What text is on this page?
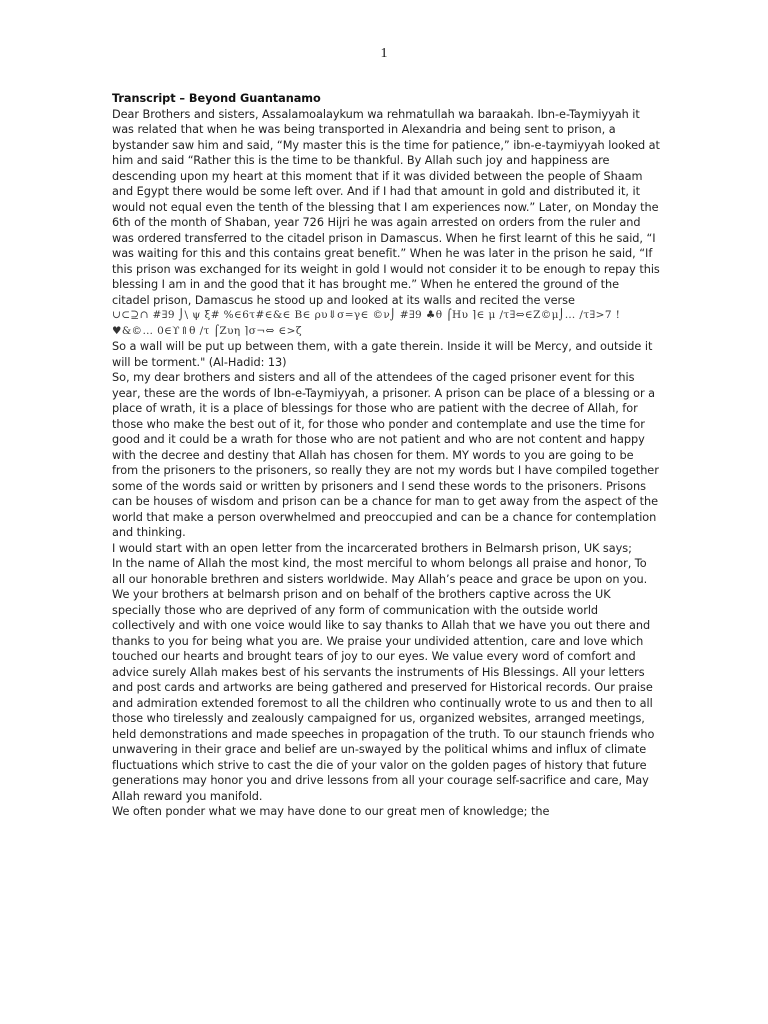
1

Transcript – Beyond Guantanamo

Dear Brothers and sisters, Assalamoalaykum wa rehmatullah wa baraakah. Ibn-e-Taymiyyah it was related that when he was being transported in Alexandria and being sent to prison, a bystander saw him and said, “My master this is the time for patience,” ibn-e-taymiyyah looked at him and said “Rather this is the time to be thankful. By Allah such joy and happiness are descending upon my heart at this moment that if it was divided between the people of Shaam and Egypt there would be some left over. And if I had that amount in gold and distributed it, it would not equal even the tenth of the blessing that I am experiences now.” Later, on Monday the 6th of the month of Shaban, year 726 Hijri he was again arrested on orders from the ruler and was ordered transferred to the citadel prison in Damascus. When he first learnt of this he said, “I was waiting for this and this contains great benefit.” When he was later in the prison he said, “If this prison was exchanged for its weight in gold I would not consider it to be enough to repay this blessing I am in and the good that it has brought me.” When he entered the ground of the citadel prison, Damascus he stood up and looked at its walls and recited the verse

∪⊂⊇∩ #∃9 ⌡\ ψ ξ# %∈6τ#∈&∈ Β∈ ρυ⇓σ=γ∈ ©ν⌡ #∃9 ♣θ ⌠Ηυ ⌉∈ μ /τ∃⇔∈Ζ©μ⌡… /τ∃>7 !♥&©… 0∈ϒ⇑θ /τ ⌠Ζυη ⌉σ¬⇔ ∈>ζ

So a wall will be put up between them, with a gate therein. Inside it will be Mercy, and outside it will be torment." (Al-Hadid: 13)

So, my dear brothers and sisters and all of the attendees of the caged prisoner event for this year, these are the words of Ibn-e-Taymiyyah, a prisoner. A prison can be place of a blessing or a place of wrath, it is a place of blessings for those who are patient with the decree of Allah, for those who make the best out of it, for those who ponder and contemplate and use the time for good and it could be a wrath for those who are not patient and who are not content and happy with the decree and destiny that Allah has chosen for them. MY words to you are going to be from the prisoners to the prisoners, so really they are not my words but I have compiled together some of the words said or written by prisoners and I send these words to the prisoners. Prisons can be houses of wisdom and prison can be a chance for man to get away from the aspect of the world that make a person overwhelmed and preoccupied and can be a chance for contemplation and thinking.

I would start with an open letter from the incarcerated brothers in Belmarsh prison, UK says;

In the name of Allah the most kind, the most merciful to whom belongs all praise and honor, To all our honorable brethren and sisters worldwide. May Allah’s peace and grace be upon on you. We your brothers at belmarsh prison and on behalf of the brothers captive across the UK specially those who are deprived of any form of communication with the outside world collectively and with one voice would like to say thanks to Allah that we have you out there and thanks to you for being what you are. We praise your undivided attention, care and love which touched our hearts and brought tears of joy to our eyes. We value every word of comfort and advice surely Allah makes best of his servants the instruments of His Blessings. All your letters and post cards and artworks are being gathered and preserved for Historical records. Our praise and admiration extended foremost to all the children who continually wrote to us and then to all those who tirelessly and zealously campaigned for us, organized websites, arranged meetings, held demonstrations and made speeches in propagation of the truth. To our staunch friends who unwavering in their grace and belief are un-swayed by the political whims and influx of climate fluctuations which strive to cast the die of your valor on the golden pages of history that future generations may honor you and drive lessons from all your courage self-sacrifice and care, May Allah reward you manifold.

We often ponder what we may have done to our great men of knowledge; the
